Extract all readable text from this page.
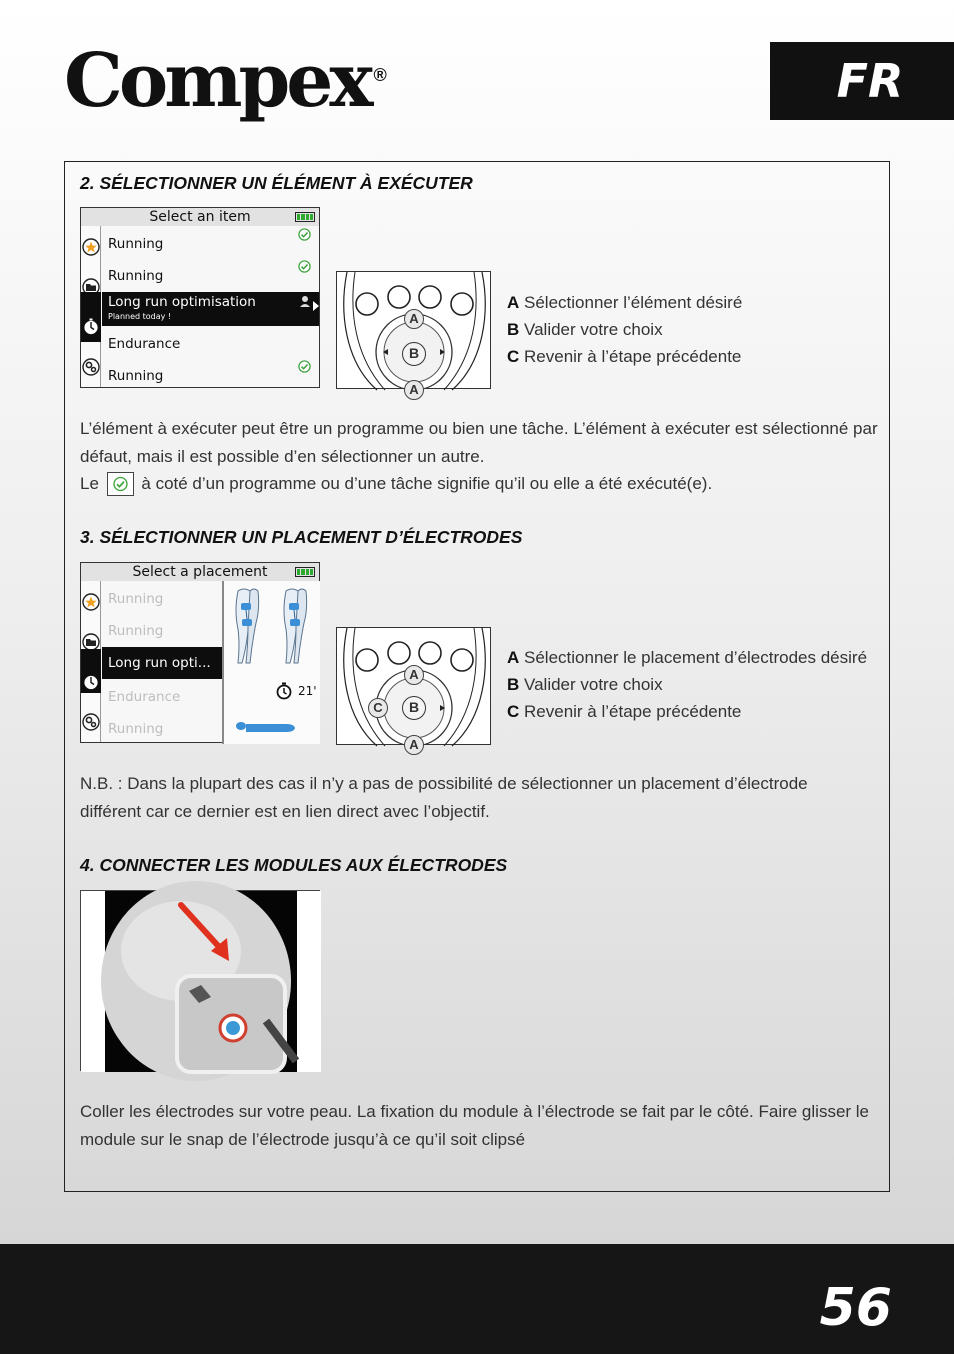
Compex ®	FR
2. SÉLECTIONNER UN ÉLÉMENT À EXÉCUTER
Select an item
Running
Running
Long run optimisation
Planned today !
Endurance
Running
A
B
A
A Sélectionner l’élément désiré
B Valider votre choix
C Revenir à l’étape précédente
L’élément à exécuter peut être un programme ou bien une tâche. L’élément à exécuter est sélectionné par défaut, mais il est possible d’en sélectionner un autre.
Le à coté d’un programme ou d’une tâche signifie qu’il ou elle a été exécuté(e).
3. SÉLECTIONNER UN PLACEMENT D’ÉLECTRODES
Select a placement
Running
Running
Long run opti...
Endurance
Running
21'
A
C	B
A
A Sélectionner le placement d’électrodes désiré
B Valider votre choix
C Revenir à l’étape précédente
N.B. : Dans la plupart des cas il n’y a pas de possibilité de sélectionner un placement d’électrode différent car ce dernier est en lien direct avec l’objectif.
4. CONNECTER LES MODULES AUX ÉLECTRODES
Coller les électrodes sur votre peau. La fixation du module à l’électrode se fait par le côté. Faire glisser le module sur le snap de l’électrode jusqu’à ce qu’il soit clipsé
56
